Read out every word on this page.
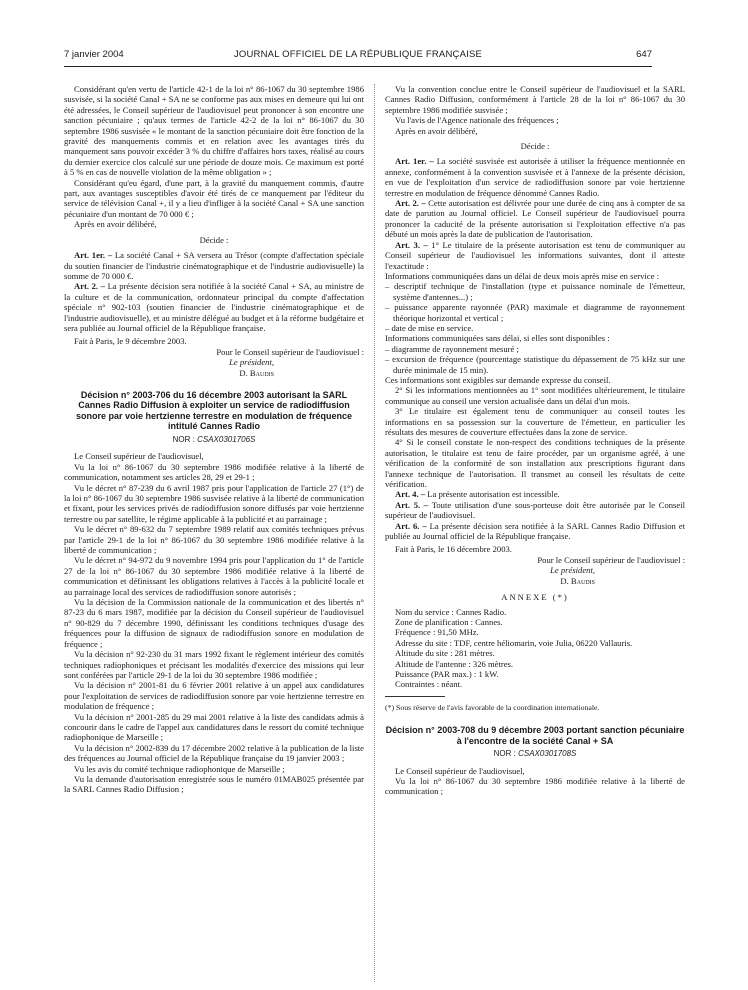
7 janvier 2004	JOURNAL OFFICIEL DE LA RÉPUBLIQUE FRANÇAISE	647

Considérant qu'en vertu de l'article 42-1 de la loi n° 86-1067 du 30 septembre 1986 susvisée, si la société Canal + SA ne se conforme pas aux mises en demeure qui lui ont été adressées, le Conseil supérieur de l'audiovisuel peut prononcer à son encontre une sanction pécuniaire ; qu'aux termes de l'article 42-2 de la loi n° 86-1067 du 30 septembre 1986 susvisée « le montant de la sanction pécuniaire doit être fonction de la gravité des manquements commis et en relation avec les avantages tirés du manquement sans pouvoir excéder 3 % du chiffre d'affaires hors taxes, réalisé au cours du dernier exercice clos calculé sur une période de douze mois. Ce maximum est porté à 5 % en cas de nouvelle violation de la même obligation » ;

Considérant qu'eu égard, d'une part, à la gravité du manquement commis, d'autre part, aux avantages susceptibles d'avoir été tirés de ce manquement par l'éditeur du service de télévision Canal +, il y a lieu d'infliger à la société Canal + SA une sanction pécuniaire d'un montant de 70 000 € ;

Après en avoir délibéré,

Décide :

Art. 1er. – La société Canal + SA versera au Trésor (compte d'affectation spéciale du soutien financier de l'industrie cinématographique et de l'industrie audiovisuelle) la somme de 70 000 €.

Art. 2. – La présente décision sera notifiée à la société Canal + SA, au ministre de la culture et de la communication, ordonnateur principal du compte d'affectation spéciale n° 902-103 (soutien financier de l'industrie cinématographique et de l'industrie audiovisuelle), et au ministre délégué au budget et à la réforme budgétaire et sera publiée au Journal officiel de la République française.

Fait à Paris, le 9 décembre 2003.

Pour le Conseil supérieur de l'audiovisuel :

Le président,

D. Baudis

Décision n° 2003-706 du 16 décembre 2003 autorisant la SARL Cannes Radio Diffusion à exploiter un service de radiodiffusion sonore par voie hertzienne terrestre en modulation de fréquence intitulé Cannes Radio
NOR : CSAX0301706S

Le Conseil supérieur de l'audiovisuel,

Vu la loi n° 86-1067 du 30 septembre 1986 modifiée relative à la liberté de communication, notamment ses articles 28, 29 et 29-1 ;

Vu le décret n° 87-239 du 6 avril 1987 pris pour l'application de l'article 27 (1°) de la loi n° 86-1067 du 30 septembre 1986 susvisée relative à la liberté de communication et fixant, pour les services privés de radiodiffusion sonore diffusés par voie hertzienne terrestre ou par satellite, le régime applicable à la publicité et au parrainage ;

Vu le décret n° 89-632 du 7 septembre 1989 relatif aux comités techniques prévus par l'article 29-1 de la loi n° 86-1067 du 30 septembre 1986 modifiée relative à la liberté de communication ;

Vu le décret n° 94-972 du 9 novembre 1994 pris pour l'application du 1° de l'article 27 de la loi n° 86-1067 du 30 septembre 1986 modifiée relative à la liberté de communication et définissant les obligations relatives à l'accès à la publicité locale et au parrainage local des services de radiodiffusion sonore autorisés ;

Vu la décision de la Commission nationale de la communication et des libertés n° 87-23 du 6 mars 1987, modifiée par la décision du Conseil supérieur de l'audiovisuel n° 90-829 du 7 décembre 1990, définissant les conditions techniques d'usage des fréquences pour la diffusion de signaux de radiodiffusion sonore en modulation de fréquence ;

Vu la décision n° 92-230 du 31 mars 1992 fixant le règlement intérieur des comités techniques radiophoniques et précisant les modalités d'exercice des missions qui leur sont conférées par l'article 29-1 de la loi du 30 septembre 1986 modifiée ;

Vu la décision n° 2001-81 du 6 février 2001 relative à un appel aux candidatures pour l'exploitation de services de radiodiffusion sonore par voie hertzienne terrestre en modulation de fréquence ;

Vu la décision n° 2001-285 du 29 mai 2001 relative à la liste des candidats admis à concourir dans le cadre de l'appel aux candidatures dans le ressort du comité technique radiophonique de Marseille ;

Vu la décision n° 2002-839 du 17 décembre 2002 relative à la publication de la liste des fréquences au Journal officiel de la République française du 19 janvier 2003 ;

Vu les avis du comité technique radiophonique de Marseille ;

Vu la demande d'autorisation enregistrée sous le numéro 01MAB025 présentée par la SARL Cannes Radio Diffusion ;

Vu la convention conclue entre le Conseil supérieur de l'audiovisuel et la SARL Cannes Radio Diffusion, conformément à l'article 28 de la loi n° 86-1067 du 30 septembre 1986 modifiée susvisée ;

Vu l'avis de l'Agence nationale des fréquences ;

Après en avoir délibéré,

Décide :

Art. 1er. – La société susvisée est autorisée à utiliser la fréquence mentionnée en annexe, conformément à la convention susvisée et à l'annexe de la présente décision, en vue de l'exploitation d'un service de radiodiffusion sonore par voie hertzienne terrestre en modulation de fréquence dénommé Cannes Radio.

Art. 2. – Cette autorisation est délivrée pour une durée de cinq ans à compter de sa date de parution au Journal officiel. Le Conseil supérieur de l'audiovisuel pourra prononcer la caducité de la présente autorisation si l'exploitation effective n'a pas débuté un mois après la date de publication de l'autorisation.

Art. 3. – 1° Le titulaire de la présente autorisation est tenu de communiquer au Conseil supérieur de l'audiovisuel les informations suivantes, dont il atteste l'exactitude :

Informations communiquées dans un délai de deux mois après mise en service :

– descriptif technique de l'installation (type et puissance nominale de l'émetteur, système d'antennes...) ;

– puissance apparente rayonnée (PAR) maximale et diagramme de rayonnement théorique horizontal et vertical ;

– date de mise en service.

Informations communiquées sans délai, si elles sont disponibles :

– diagramme de rayonnement mesuré ;

– excursion de fréquence (pourcentage statistique du dépassement de 75 kHz sur une durée minimale de 15 min).

Ces informations sont exigibles sur demande expresse du conseil.

2° Si les informations mentionnées au 1° sont modifiées ultérieurement, le titulaire communique au conseil une version actualisée dans un délai d'un mois.

3° Le titulaire est également tenu de communiquer au conseil toutes les informations en sa possession sur la couverture de l'émetteur, en particulier les résultats des mesures de couverture effectuées dans la zone de service.

4° Si le conseil constate le non-respect des conditions techniques de la présente autorisation, le titulaire est tenu de faire procéder, par un organisme agréé, à une vérification de la conformité de son installation aux prescriptions figurant dans l'annexe technique de l'autorisation. Il transmet au conseil les résultats de cette vérification.

Art. 4. – La présente autorisation est incessible.

Art. 5. – Toute utilisation d'une sous-porteuse doit être autorisée par le Conseil supérieur de l'audiovisuel.

Art. 6. – La présente décision sera notifiée à la SARL Cannes Radio Diffusion et publiée au Journal officiel de la République française.

Fait à Paris, le 16 décembre 2003.

Pour le Conseil supérieur de l'audiovisuel :

Le président,

D. Baudis

ANNEXE (*)

Nom du service : Cannes Radio.

Zone de planification : Cannes.

Fréquence : 91,50 MHz.

Adresse du site : TDF, centre héliomarin, voie Julia, 06220 Vallauris.

Altitude du site : 281 mètres.

Altitude de l'antenne : 326 mètres.

Puissance (PAR max.) : 1 kW.

Contraintes : néant.

(*) Sous réserve de l'avis favorable de la coordination internationale.

Décision n° 2003-708 du 9 décembre 2003 portant sanction pécuniaire à l'encontre de la société Canal + SA
NOR : CSAX0301708S

Le Conseil supérieur de l'audiovisuel,

Vu la loi n° 86-1067 du 30 septembre 1986 modifiée relative à la liberté de communication ;
